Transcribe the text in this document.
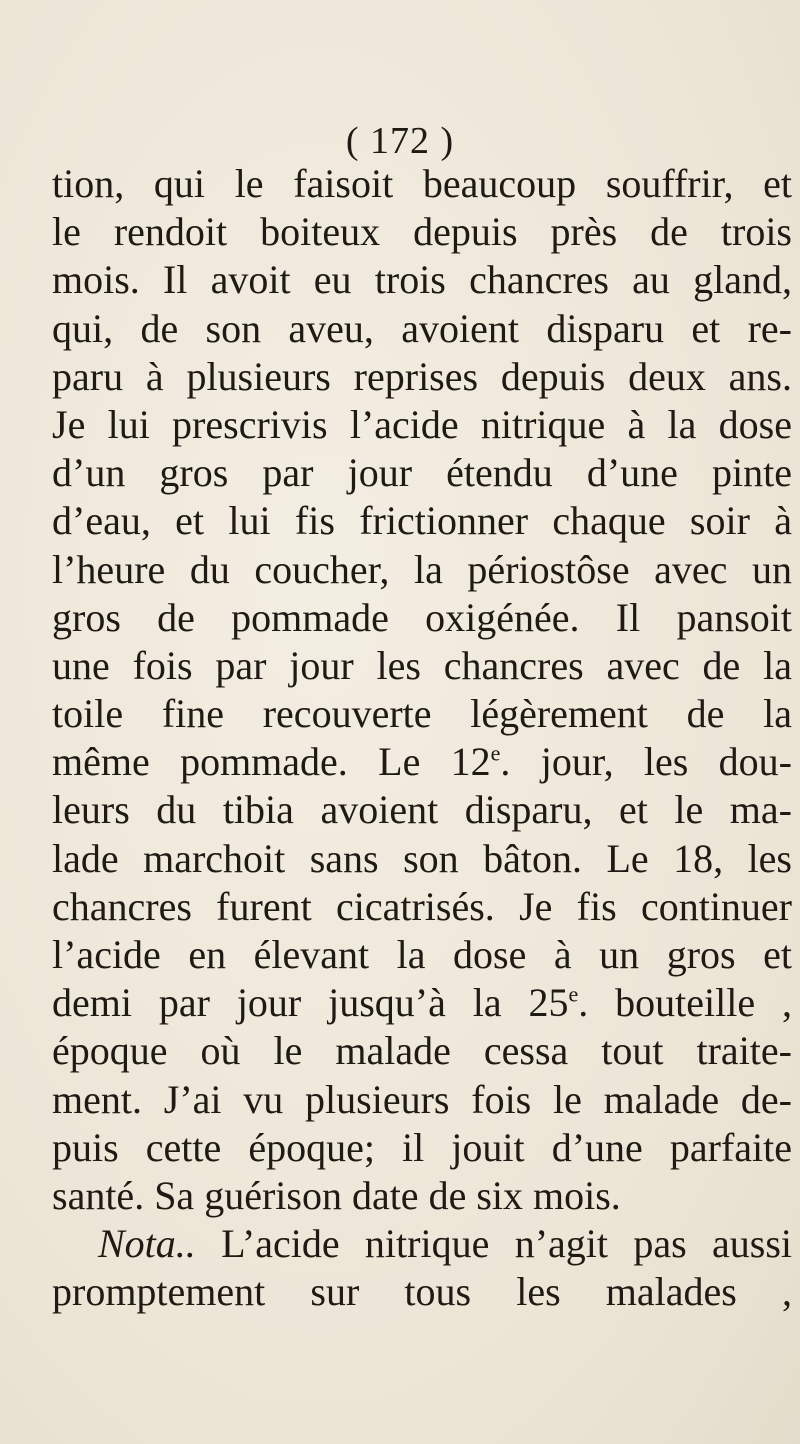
( 172 )
tion, qui le faisoit beaucoup souffrir, et
le rendoit boiteux depuis près de trois
mois. Il avoit eu trois chancres au gland,
qui, de son aveu, avoient disparu et re-
paru à plusieurs reprises depuis deux ans.
Je lui prescrivis l’acide nitrique à la dose
d’un gros par jour étendu d’une pinte
d’eau, et lui fis frictionner chaque soir à
l’heure du coucher, la périostôse avec un
gros de pommade oxigénée. Il pansoit
une fois par jour les chancres avec de la
toile fine recouverte légèrement de la
même pommade. Le 12e. jour, les dou-
leurs du tibia avoient disparu, et le ma-
lade marchoit sans son bâton. Le 18, les
chancres furent cicatrisés. Je fis continuer
l’acide en élevant la dose à un gros et
demi par jour jusqu’à la 25e. bouteille ,
époque où le malade cessa tout traite-
ment. J’ai vu plusieurs fois le malade de-
puis cette époque; il jouit d’une parfaite
santé. Sa guérison date de six mois.
Nota.. L’acide nitrique n’agit pas aussi
promptement sur tous les malades ,
